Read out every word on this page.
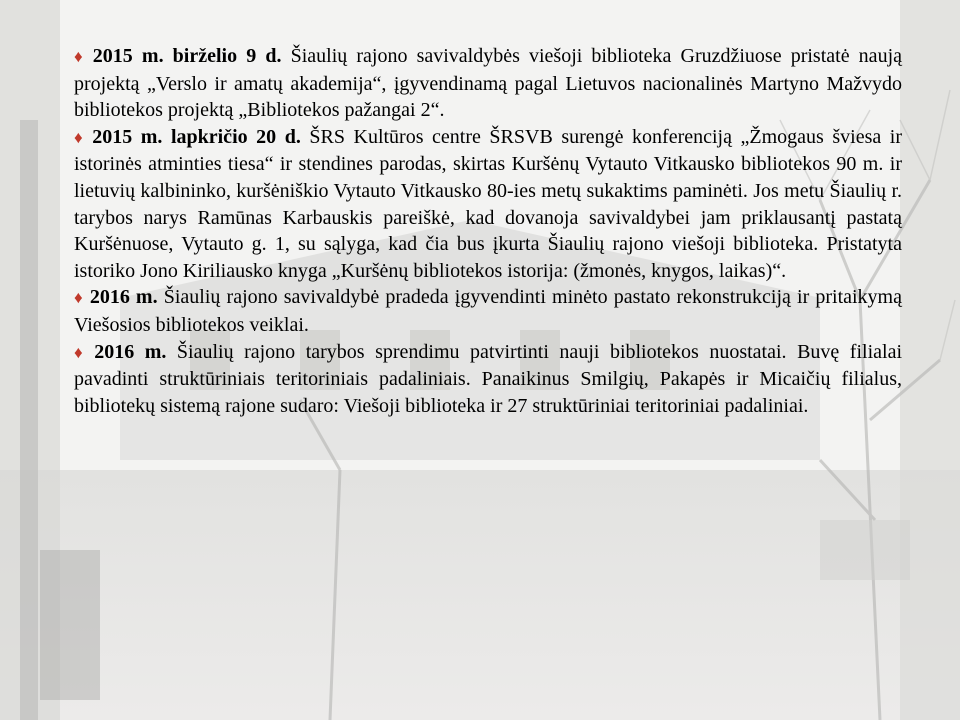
♦ 2015 m. birželio 9 d. Šiaulių rajono savivaldybės viešoji biblioteka Gruzdžiuose pristatė naują projektą „Verslo ir amatų akademija“, įgyvendinamą pagal Lietuvos nacionalinės Martyno Mažvydo bibliotekos projektą „Bibliotekos pažangai 2“.

♦ 2015 m. lapkričio 20 d. ŠRS Kultūros centre ŠRSVB surengė konferenciją „Žmogaus šviesa ir istorinės atminties tiesa“ ir stendines parodas, skirtas Kuršėnų Vytauto Vitkausko bibliotekos 90 m. ir lietuvių kalbininko, kuršėniškio Vytauto Vitkausko 80-ies metų sukaktims paminėti. Jos metu Šiaulių r. tarybos narys Ramūnas Karbauskis pareiškė, kad dovanoja savivaldybei jam priklausantį pastatą Kuršėnuose, Vytauto g. 1, su sąlyga, kad čia bus įkurta Šiaulių rajono viešoji biblioteka. Pristatyta istoriko Jono Kiriliausko knyga „Kuršėnų bibliotekos istorija: (žmonės, knygos, laikas)“.

♦ 2016 m. Šiaulių rajono savivaldybė pradeda įgyvendinti minėto pastato rekonstrukciją ir pritaikymą Viešosios bibliotekos veiklai.

♦ 2016 m. Šiaulių rajono tarybos sprendimu patvirtinti nauji bibliotekos nuostatai. Buvę filialai pavadinti struktūriniais teritoriniais padaliniais. Panaikinus Smilgių, Pakapės ir Micaičių filialus, bibliotekų sistemą rajone sudaro: Viešoji biblioteka ir 27 struktūriniai teritoriniai padaliniai.
